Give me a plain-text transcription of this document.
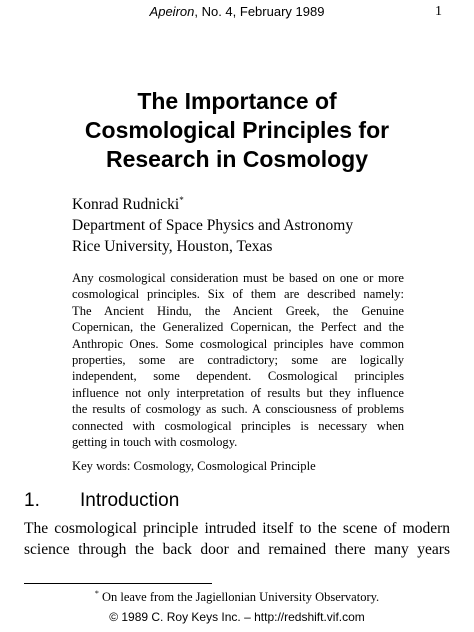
Apeiron, No. 4, February 1989	1
The Importance of
Cosmological Principles for
Research in Cosmology
Konrad Rudnicki*
Department of Space Physics and Astronomy
Rice University, Houston, Texas
Any cosmological consideration must be based on one or more
cosmological principles. Six of them are described namely:
The Ancient Hindu, the Ancient Greek, the Genuine
Copernican, the Generalized Copernican, the Perfect and the
Anthropic Ones. Some cosmological principles have common
properties, some are contradictory; some are logically
independent, some dependent. Cosmological principles
influence not only interpretation of results but they influence
the results of cosmology as such. A consciousness of problems
connected with cosmological principles is necessary when
getting in touch with cosmology.
Key words: Cosmology, Cosmological Principle
1. Introduction
The cosmological principle intruded itself to the scene of modern
science through the back door and remained there many years
* On leave from the Jagiellonian University Observatory.
© 1989 C. Roy Keys Inc. – http://redshift.vif.com
